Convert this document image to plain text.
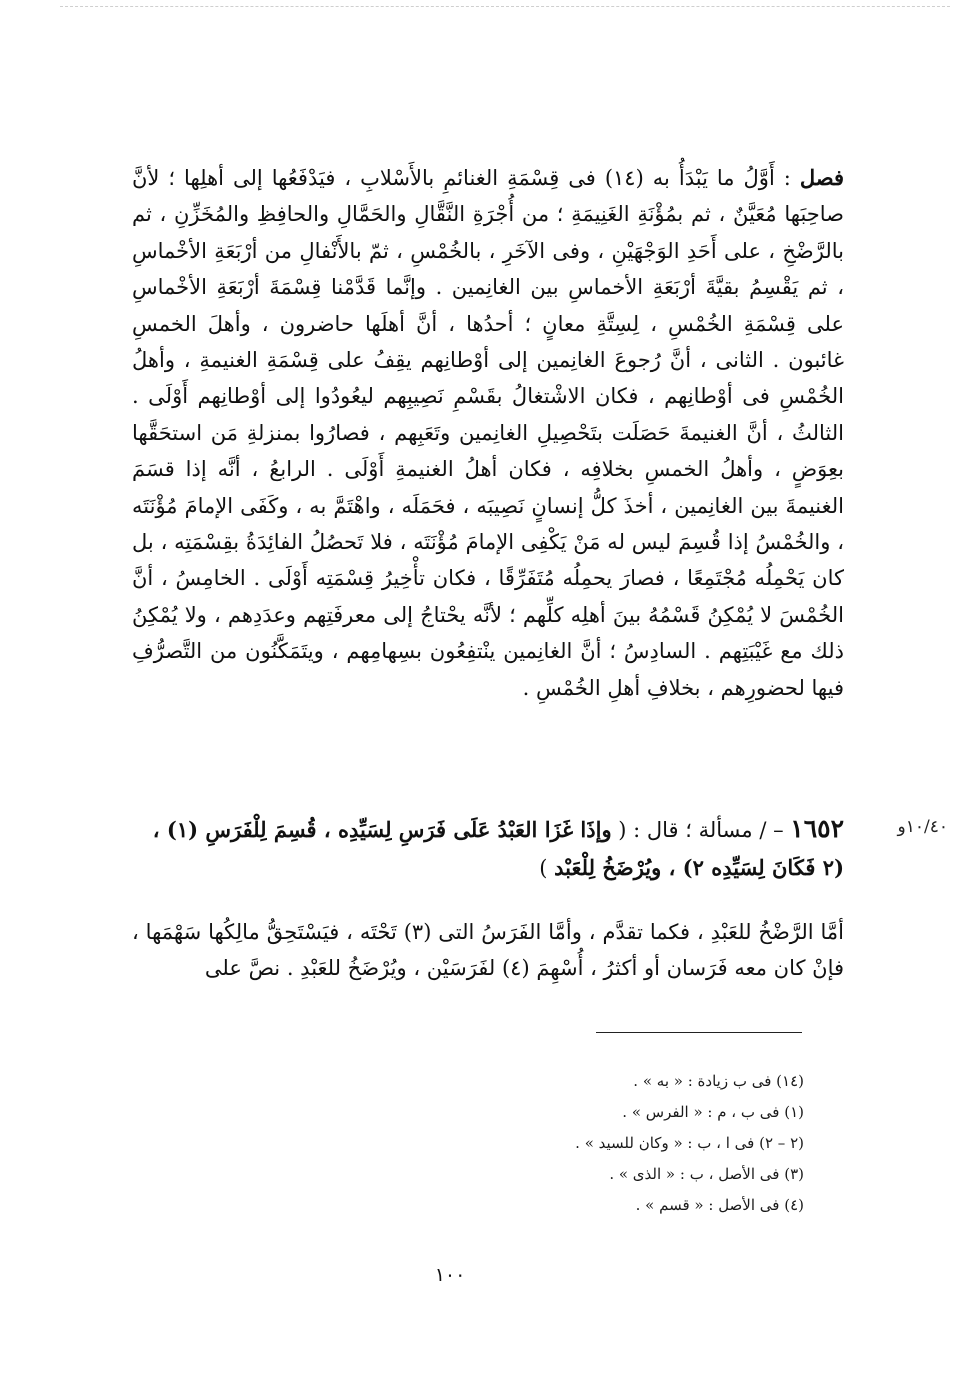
فصل : أَوَّلُ ما يَبْدَأُ به (١٤) فى قِسْمَةِ الغنائمِ بالأَسْلابِ ، فيَدْفَعُها إلى أهلِها ؛ لأنَّ صاحِبَها مُعَيَّنٌ ، ثم بمُؤْنَةِ الغَنِيمَةِ ؛ من أُجْرَةِ النَّقَّالِ والحَمَّالِ والحافِظِ والمُخَزِّنِ ، ثم بالرَّضْخِ ، على أَحَدِ الوَجْهَيْنِ ، وفى الآخَرِ ، بالخُمْسِ ، ثمّ بالأَنْفالِ من أرْبَعَةِ الأخْماسِ ، ثم يَقْسِمُ بقيَّةَ أرْبَعَةِ الأخماسِ بين الغانِمين . وإنَّما قَدَّمْنا قِسْمَةَ أرْبَعَةِ الأخْماسِ على قِسْمَةِ الخُمْسِ ، لِسِتَّةِ معانٍ ؛ أحدُها ، أنَّ أهلَها حاضرون ، وأهلَ الخمسِ غائبون . الثانى ، أنَّ رُجوعَ الغانِمين إلى أوْطانِهم يقِفُ على قِسْمَةِ الغنيمةِ ، وأهلُ الخُمْسِ فى أوْطانِهم ، فكان الاشْتغالُ بقَسْمِ نَصِيبِهم ليعُودُوا إلى أوْطانِهم أَوْلَى . الثالثُ ، أنَّ الغنيمةَ حَصَلَت بتَحْصِيلِ الغانِمين وتَعَبِهم ، فصارُوا بمنزلةِ مَن استحَقَّها بعِوَضٍ ، وأهلُ الخمسِ بخلافِه ، فكان أهلُ الغنيمةِ أَوْلَى . الرابعُ ، أنَّه إذا قسَمَ الغنيمةَ بين الغانِمين ، أخذَ كلُّ إنسانٍ نَصِيبَه ، فحَمَلَه ، واهْتَمَّ به ، وكَفَى الإمامَ مُؤْنَتَه ، والخُمْسُ إذا قُسِمَ ليس له مَنْ يَكْفِى الإمامَ مُؤْنَتَه ، فلا تَحصُلُ الفائِدَةُ بقِسْمَتِه ، بل كان يَحْمِلُه مُجْتَمِعًا ، فصارَ يحمِلُه مُتَفَرِّقًا ، فكان تأْخِيرُ قِسْمَتِه أَوْلَى . الخامِسُ ، أنَّ الخُمْسَ لا يُمْكِنُ قَسْمُهُ بينَ أهلِه كلِّهم ؛ لأنَّه يحْتاجُ إلى معرفَتِهم وعدَدِهم ، ولا يُمْكِنُ ذلك مع غَيْبَتِهم . السادِسُ ؛ أنَّ الغانِمين ينْتفِعُون بسِهامِهم ، ويتَمَكَّنُون من التَّصرُّفِ فيها لحضورِهم ، بخلافِ أهلِ الخُمْسِ .

١٠/٤٠و
١٦٥٢ – / مسألة ؛ قال : ( وإذَا غَزَا العَبْدُ عَلَى فَرَسِ لِسَيِّدِه ، قُسِمَ لِلْفَرَسِ (١) ، (٢ فَكَانَ لِسَيِّدِه ٢) ، ويُرْضَخُ لِلْعَبْد )

أمَّا الرَّضْخُ للعَبْدِ ، فكما تقدَّم ، وأمَّا الفَرَسُ التى (٣) تَحْتَه ، فيَسْتَحِقُّ مالِكُها سَهْمَها ، فإنْ كان معه فَرَسان أو أكثرُ ، أُسْهِمَ (٤) لفَرَسَيْن ، ويُرْضَخُ للعَبْدِ . نصَّ على

(١٤) فى ب زيادة : « به » .
(١) فى ب ، م : « الفرس » .
(٢ – ٢) فى ا ، ب : « وكان للسيد » .
(٣) فى الأصل ، ب : « الذى » .
(٤) فى الأصل : « قسم » .
١٠٠
